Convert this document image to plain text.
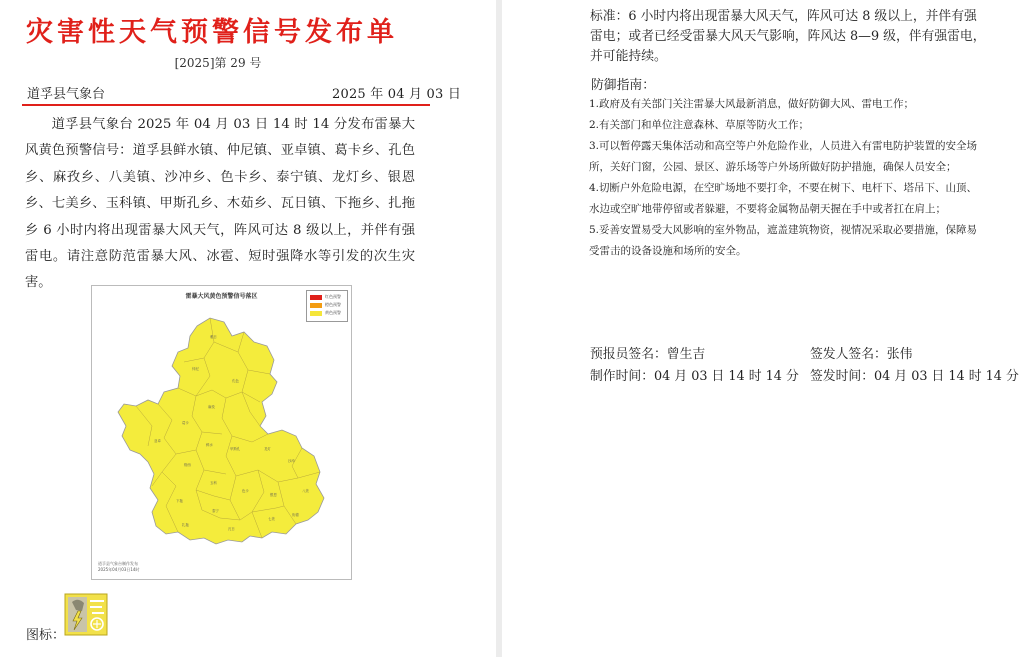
灾害性天气预警信号发布单
[2025]第 29 号
道孚县气象台	2025 年 04 月 03 日
道孚县气象台 2025 年 04 月 03 日 14 时 14 分发布雷暴大风黄色预警信号：道孚县鲜水镇、仲尼镇、亚卓镇、葛卡乡、孔色乡、麻孜乡、八美镇、沙冲乡、色卡乡、泰宁镇、龙灯乡、银恩乡、七美乡、玉科镇、甲斯孔乡、木茹乡、瓦日镇、下拖乡、扎拖乡 6 小时内将出现雷暴大风天气，阵风可达 8 级以上，并伴有强雷电。请注意防范雷暴大风、冰雹、短时强降水等引发的次生灾害。
雅日
仲尼
孔色
麻孜
葛卡
亚卓
鲜水
甲斯孔
格西
玉科
龙灯
沙冲
八美
银恩
下拖
泰宁
色卡
七美
协德
扎拖
瓦日
雷暴大风黄色预警信号落区	红色预警
橙色预警
黄色预警
道孚县气象台制作发布
2025年04月03日14时
图标：
标准：6 小时内将出现雷暴大风天气，阵风可达 8 级以上，并伴有强雷电；或者已经受雷暴大风天气影响，阵风达 8—9 级，伴有强雷电，并可能持续。
防御指南：
1.政府及有关部门关注雷暴大风最新消息，做好防御大风、雷电工作；
2.有关部门和单位注意森林、草原等防火工作；
3.可以暂停露天集体活动和高空等户外危险作业，人员进入有雷电防护装置的安全场所，关好门窗，公园、景区、游乐场等户外场所做好防护措施，确保人员安全；
4.切断户外危险电源，在空旷场地不要打伞，不要在树下、电杆下、塔吊下、山顶、水边或空旷地带停留或者躲避，不要将金属物品朝天握在手中或者扛在肩上；
5.妥善安置易受大风影响的室外物品，遮盖建筑物资，视情况采取必要措施，保障易受雷击的设备设施和场所的安全。
预报员签名：曾生吉	签发人签名：张伟
制作时间：04 月 03 日 14 时 14 分 签发时间：04 月 03 日 14 时 14 分
